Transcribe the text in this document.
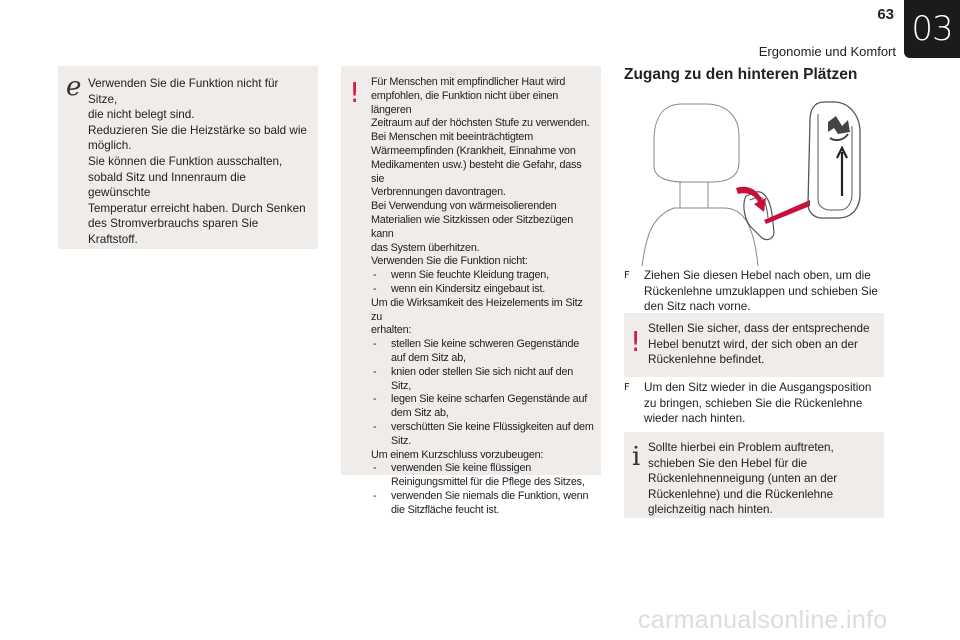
63
Ergonomie und Komfort
03
e Verwenden Sie die Funktion nicht für Sitze,

die nicht belegt sind.

Reduzieren Sie die Heizstärke so bald wie

möglich.

Sie können die Funktion ausschalten,

sobald Sitz und Innenraum die gewünschte

Temperatur erreicht haben. Durch Senken

des Stromverbrauchs sparen Sie Kraftstoff.

! Für Menschen mit empfindlicher Haut wird

empfohlen, die Funktion nicht über einen längeren

Zeitraum auf der höchsten Stufe zu verwenden.

Bei Menschen mit beeinträchtigtem

Wärmeempfinden (Krankheit, Einnahme von

Medikamenten usw.) besteht die Gefahr, dass sie

Verbrennungen davontragen.

Bei Verwendung von wärmeisolierenden

Materialien wie Sitzkissen oder Sitzbezügen kann

das System überhitzen.

Verwenden Sie die Funktion nicht:

- wenn Sie feuchte Kleidung tragen,
- wenn ein Kindersitz eingebaut ist.

Um die Wirksamkeit des Heizelements im Sitz zu

erhalten:

- stellen Sie keine schweren Gegenstände auf dem Sitz ab,
- knien oder stellen Sie sich nicht auf den Sitz,
- legen Sie keine scharfen Gegenstände auf dem Sitz ab,
- verschütten Sie keine Flüssigkeiten auf dem Sitz.

Um einem Kurzschluss vorzubeugen:

- verwenden Sie keine flüssigen Reinigungsmittel für die Pflege des Sitzes,
- verwenden Sie niemals die Funktion, wenn die Sitzfläche feucht ist.
Zugang zu den hinteren Plätzen
F	Ziehen Sie diesen Hebel nach oben, um die Rückenlehne umzuklappen und schieben Sie den Sitz nach vorne.
! Stellen Sie sicher, dass der entsprechende Hebel benutzt wird, der sich oben an der Rückenlehne befindet.

F	Um den Sitz wieder in die Ausgangsposition zu bringen, schieben Sie die Rückenlehne wieder nach hinten.
i Sollte hierbei ein Problem auftreten, schieben Sie den Hebel für die Rückenlehnenneigung (unten an der Rückenlehne) und die Rückenlehne gleichzeitig nach hinten.

carmanualsonline.info
